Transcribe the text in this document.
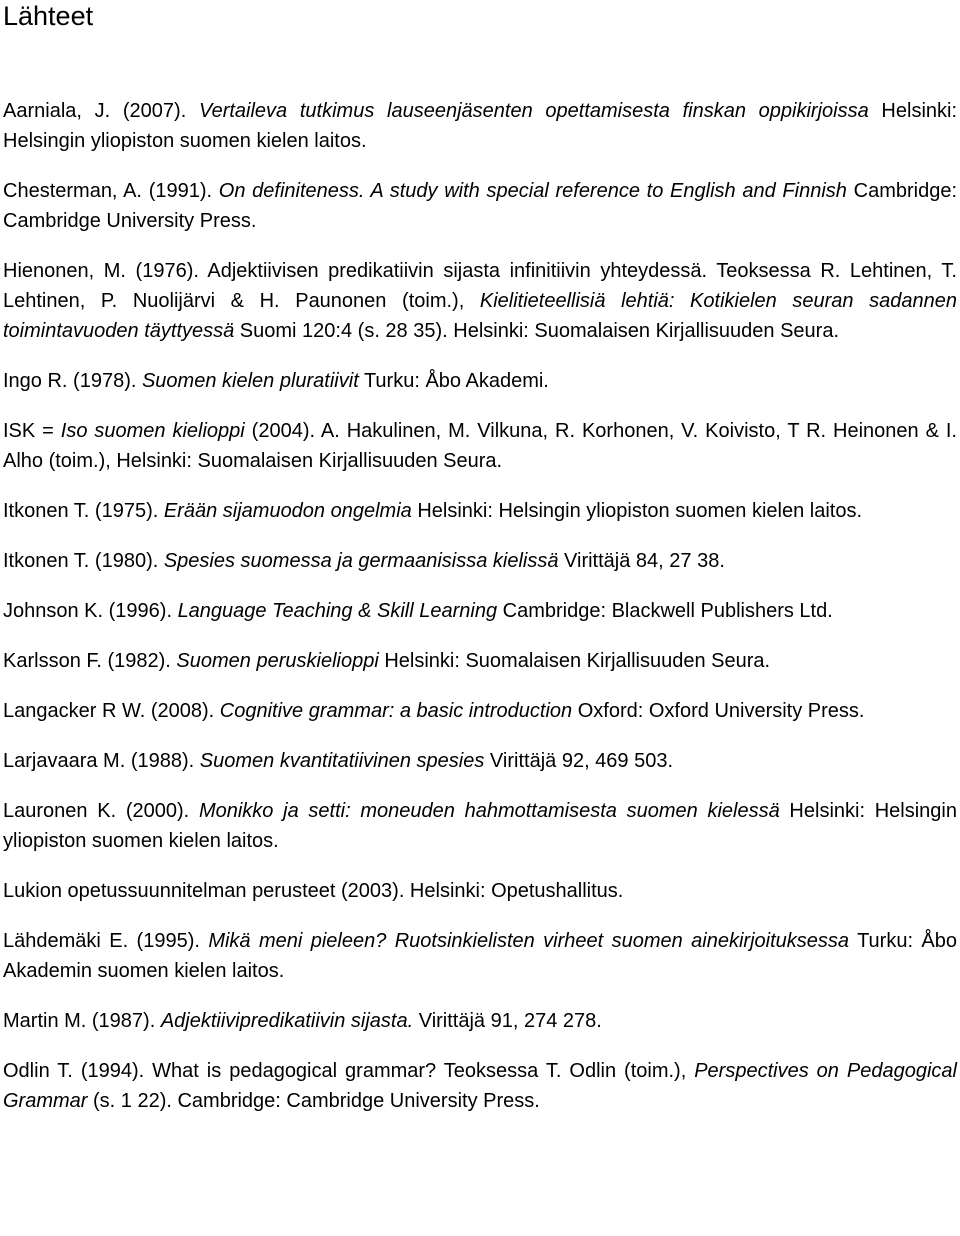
Lähteet

Aarniala, J. (2007). Vertaileva tutkimus lauseenjäsenten opettamisesta finskan oppikirjoissa Helsinki: Helsingin yliopiston suomen kielen laitos.

Chesterman, A. (1991). On definiteness. A study with special reference to English and Finnish Cambridge: Cambridge University Press.

Hienonen, M. (1976). Adjektiivisen predikatiivin sijasta infinitiivin yhteydessä. Teoksessa R. Lehtinen, T. Lehtinen, P. Nuolijärvi & H. Paunonen (toim.), Kielitieteellisiä lehtiä: Kotikielen seuran sadannen toimintavuoden täyttyessä Suomi 120:4 (s. 28 35). Helsinki: Suomalaisen Kirjallisuuden Seura.

Ingo R. (1978). Suomen kielen pluratiivit Turku: Åbo Akademi.

ISK = Iso suomen kielioppi (2004). A. Hakulinen, M. Vilkuna, R. Korhonen, V. Koivisto, T R. Heinonen & I. Alho (toim.), Helsinki: Suomalaisen Kirjallisuuden Seura.

Itkonen T. (1975). Erään sijamuodon ongelmia Helsinki: Helsingin yliopiston suomen kielen laitos.

Itkonen T. (1980). Spesies suomessa ja germaanisissa kielissä Virittäjä 84, 27 38.

Johnson K. (1996). Language Teaching & Skill Learning Cambridge: Blackwell Publishers Ltd.

Karlsson F. (1982). Suomen peruskielioppi Helsinki: Suomalaisen Kirjallisuuden Seura.

Langacker R W. (2008). Cognitive grammar: a basic introduction Oxford: Oxford University Press.

Larjavaara M. (1988). Suomen kvantitatiivinen spesies Virittäjä 92, 469 503.

Lauronen K. (2000). Monikko ja setti: moneuden hahmottamisesta suomen kielessä Helsinki: Helsingin yliopiston suomen kielen laitos.

Lukion opetussuunnitelman perusteet (2003). Helsinki: Opetushallitus.

Lähdemäki E. (1995). Mikä meni pieleen? Ruotsinkielisten virheet suomen ainekirjoituksessa Turku: Åbo Akademin suomen kielen laitos.

Martin M. (1987). Adjektiivipredikatiivin sijasta. Virittäjä 91, 274 278.

Odlin T. (1994). What is pedagogical grammar? Teoksessa T. Odlin (toim.), Perspectives on Pedagogical Grammar (s. 1 22). Cambridge: Cambridge University Press.
